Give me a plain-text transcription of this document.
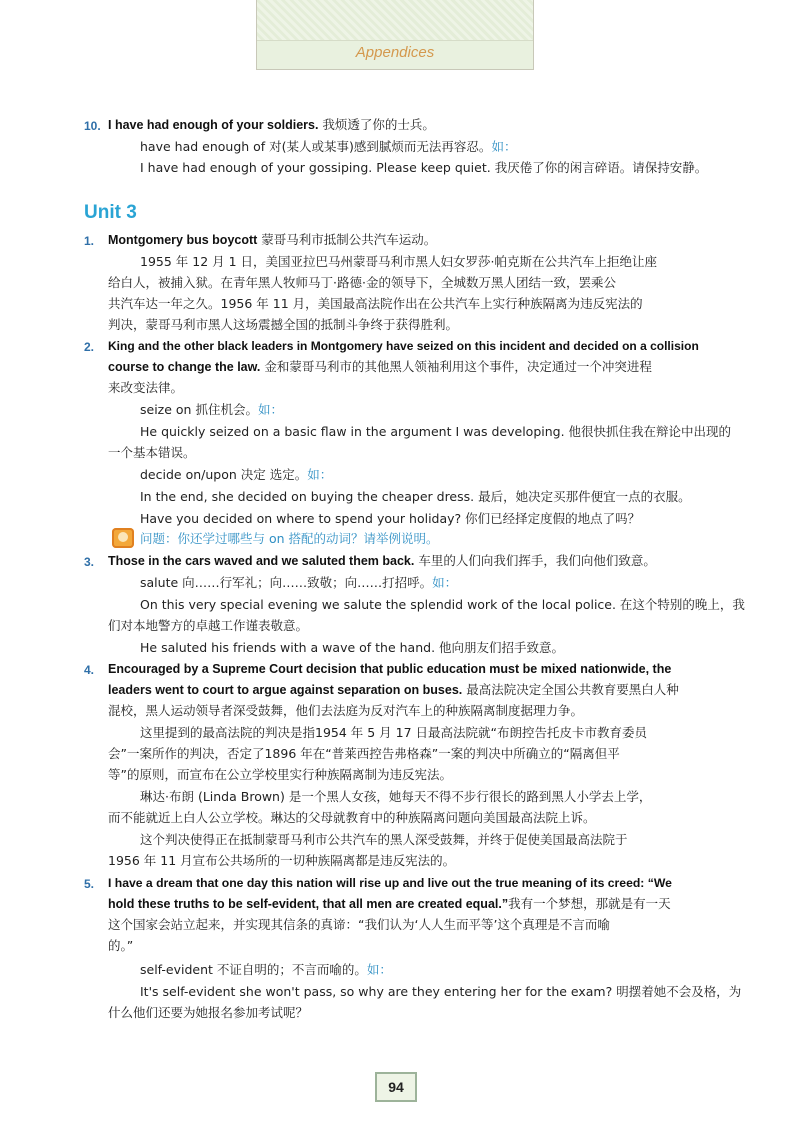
Appendices
10. I have had enough of your soldiers. 我烦透了你的士兵。
have had enough of 对(某人或某事)感到腻烦而无法再容忍。如：
I have had enough of your gossiping. Please keep quiet. 我厌倦了你的闲言碎语。请保持安静。
Unit 3
1. Montgomery bus boycott 蒙哥马利市抵制公共汽车运动。
1955 年 12 月 1 日，美国亚拉巴马州蒙哥马利市黑人妇女罗莎·帕克斯在公共汽车上拒绝让座
给白人，被捕入狱。在青年黑人牧师马丁·路德·金的领导下，全城数万黑人团结一致，罢乘公
共汽车达一年之久。1956 年 11 月，美国最高法院作出在公共汽车上实行种族隔离为违反宪法的
判决，蒙哥马利市黑人这场震撼全国的抵制斗争终于获得胜利。
2. King and the other black leaders in Montgomery have seized on this incident and decided on a collision
course to change the law. 金和蒙哥马利市的其他黑人领袖利用这个事件，决定通过一个冲突进程
来改变法律。
seize on 抓住机会。如：
He quickly seized on a basic flaw in the argument I was developing. 他很快抓住我在辩论中出现的
一个基本错误。
decide on/upon 决定 选定。如：
In the end, she decided on buying the cheaper dress. 最后，她决定买那件便宜一点的衣服。
Have you decided on where to spend your holiday? 你们已经择定度假的地点了吗？
问题：你还学过哪些与 on 搭配的动词？请举例说明。
3. Those in the cars waved and we saluted them back. 车里的人们向我们挥手，我们向他们致意。
salute 向……行军礼；向……致敬；向……打招呼。如：
On this very special evening we salute the splendid work of the local police. 在这个特别的晚上，我
们对本地警方的卓越工作谨表敬意。
He saluted his friends with a wave of the hand. 他向朋友们招手致意。
4. Encouraged by a Supreme Court decision that public education must be mixed nationwide, the
leaders went to court to argue against separation on buses. 最高法院决定全国公共教育要黑白人种
混校，黑人运动领导者深受鼓舞，他们去法庭为反对汽车上的种族隔离制度据理力争。
这里提到的最高法院的判决是指1954 年 5 月 17 日最高法院就“布朗控告托皮卡市教育委员
会”一案所作的判决，否定了1896 年在“普莱西控告弗格森”一案的判决中所确立的“隔离但平
等”的原则，而宣布在公立学校里实行种族隔离制为违反宪法。
琳达·布朗 (Linda Brown) 是一个黑人女孩，她每天不得不步行很长的路到黑人小学去上学，
而不能就近上白人公立学校。琳达的父母就教育中的种族隔离问题向美国最高法院上诉。
这个判决使得正在抵制蒙哥马利市公共汽车的黑人深受鼓舞，并终于促使美国最高法院于
1956 年 11 月宣布公共场所的一切种族隔离都是违反宪法的。
5. I have a dream that one day this nation will rise up and live out the true meaning of its creed: “We
hold these truths to be self-evident, that all men are created equal.”我有一个梦想，那就是有一天
这个国家会站立起来，并实现其信条的真谛：“我们认为‘人人生而平等’这个真理是不言而喻
的。”
self-evident 不证自明的；不言而喻的。如：
It's self-evident she won't pass, so why are they entering her for the exam? 明摆着她不会及格，为
什么他们还要为她报名参加考试呢？
94
